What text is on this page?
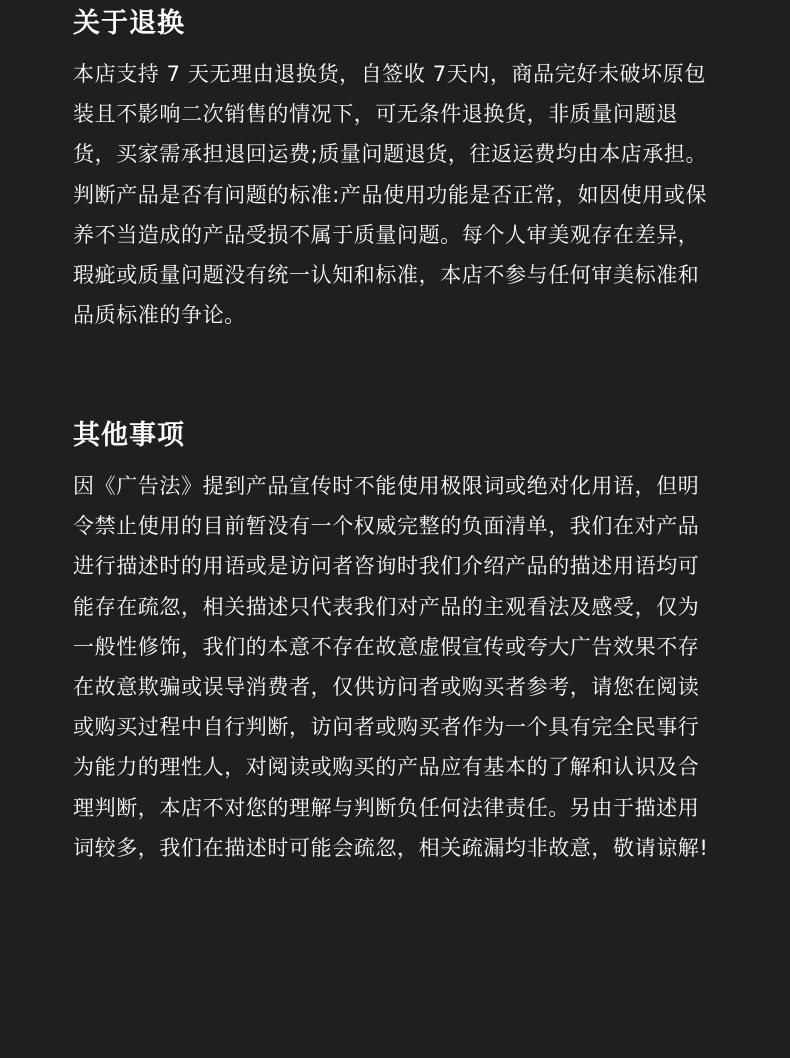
关于退换

本店支持 7 天无理由退换货，自签收 7天内，商品完好未破坏原包装且不影响二次销售的情况下，可无条件退换货，非质量问题退货，买家需承担退回运费;质量问题退货，往返运费均由本店承担。判断产品是否有问题的标准:产品使用功能是否正常，如因使用或保养不当造成的产品受损不属于质量问题。每个人审美观存在差异，瑕疵或质量问题没有统一认知和标准，本店不参与任何审美标准和品质标准的争论。

其他事项

因《广告法》提到产品宣传时不能使用极限词或绝对化用语，但明令禁止使用的目前暂没有一个权威完整的负面清单，我们在对产品进行描述时的用语或是访问者咨询时我们介绍产品的描述用语均可能存在疏忽，相关描述只代表我们对产品的主观看法及感受，仅为一般性修饰，我们的本意不存在故意虚假宣传或夸大广告效果不存在故意欺骗或误导消费者，仅供访问者或购买者参考，请您在阅读或购买过程中自行判断，访问者或购买者作为一个具有完全民事行为能力的理性人，对阅读或购买的产品应有基本的了解和认识及合理判断，本店不对您的理解与判断负任何法律责任。另由于描述用词较多，我们在描述时可能会疏忽，相关疏漏均非故意，敬请谅解!
